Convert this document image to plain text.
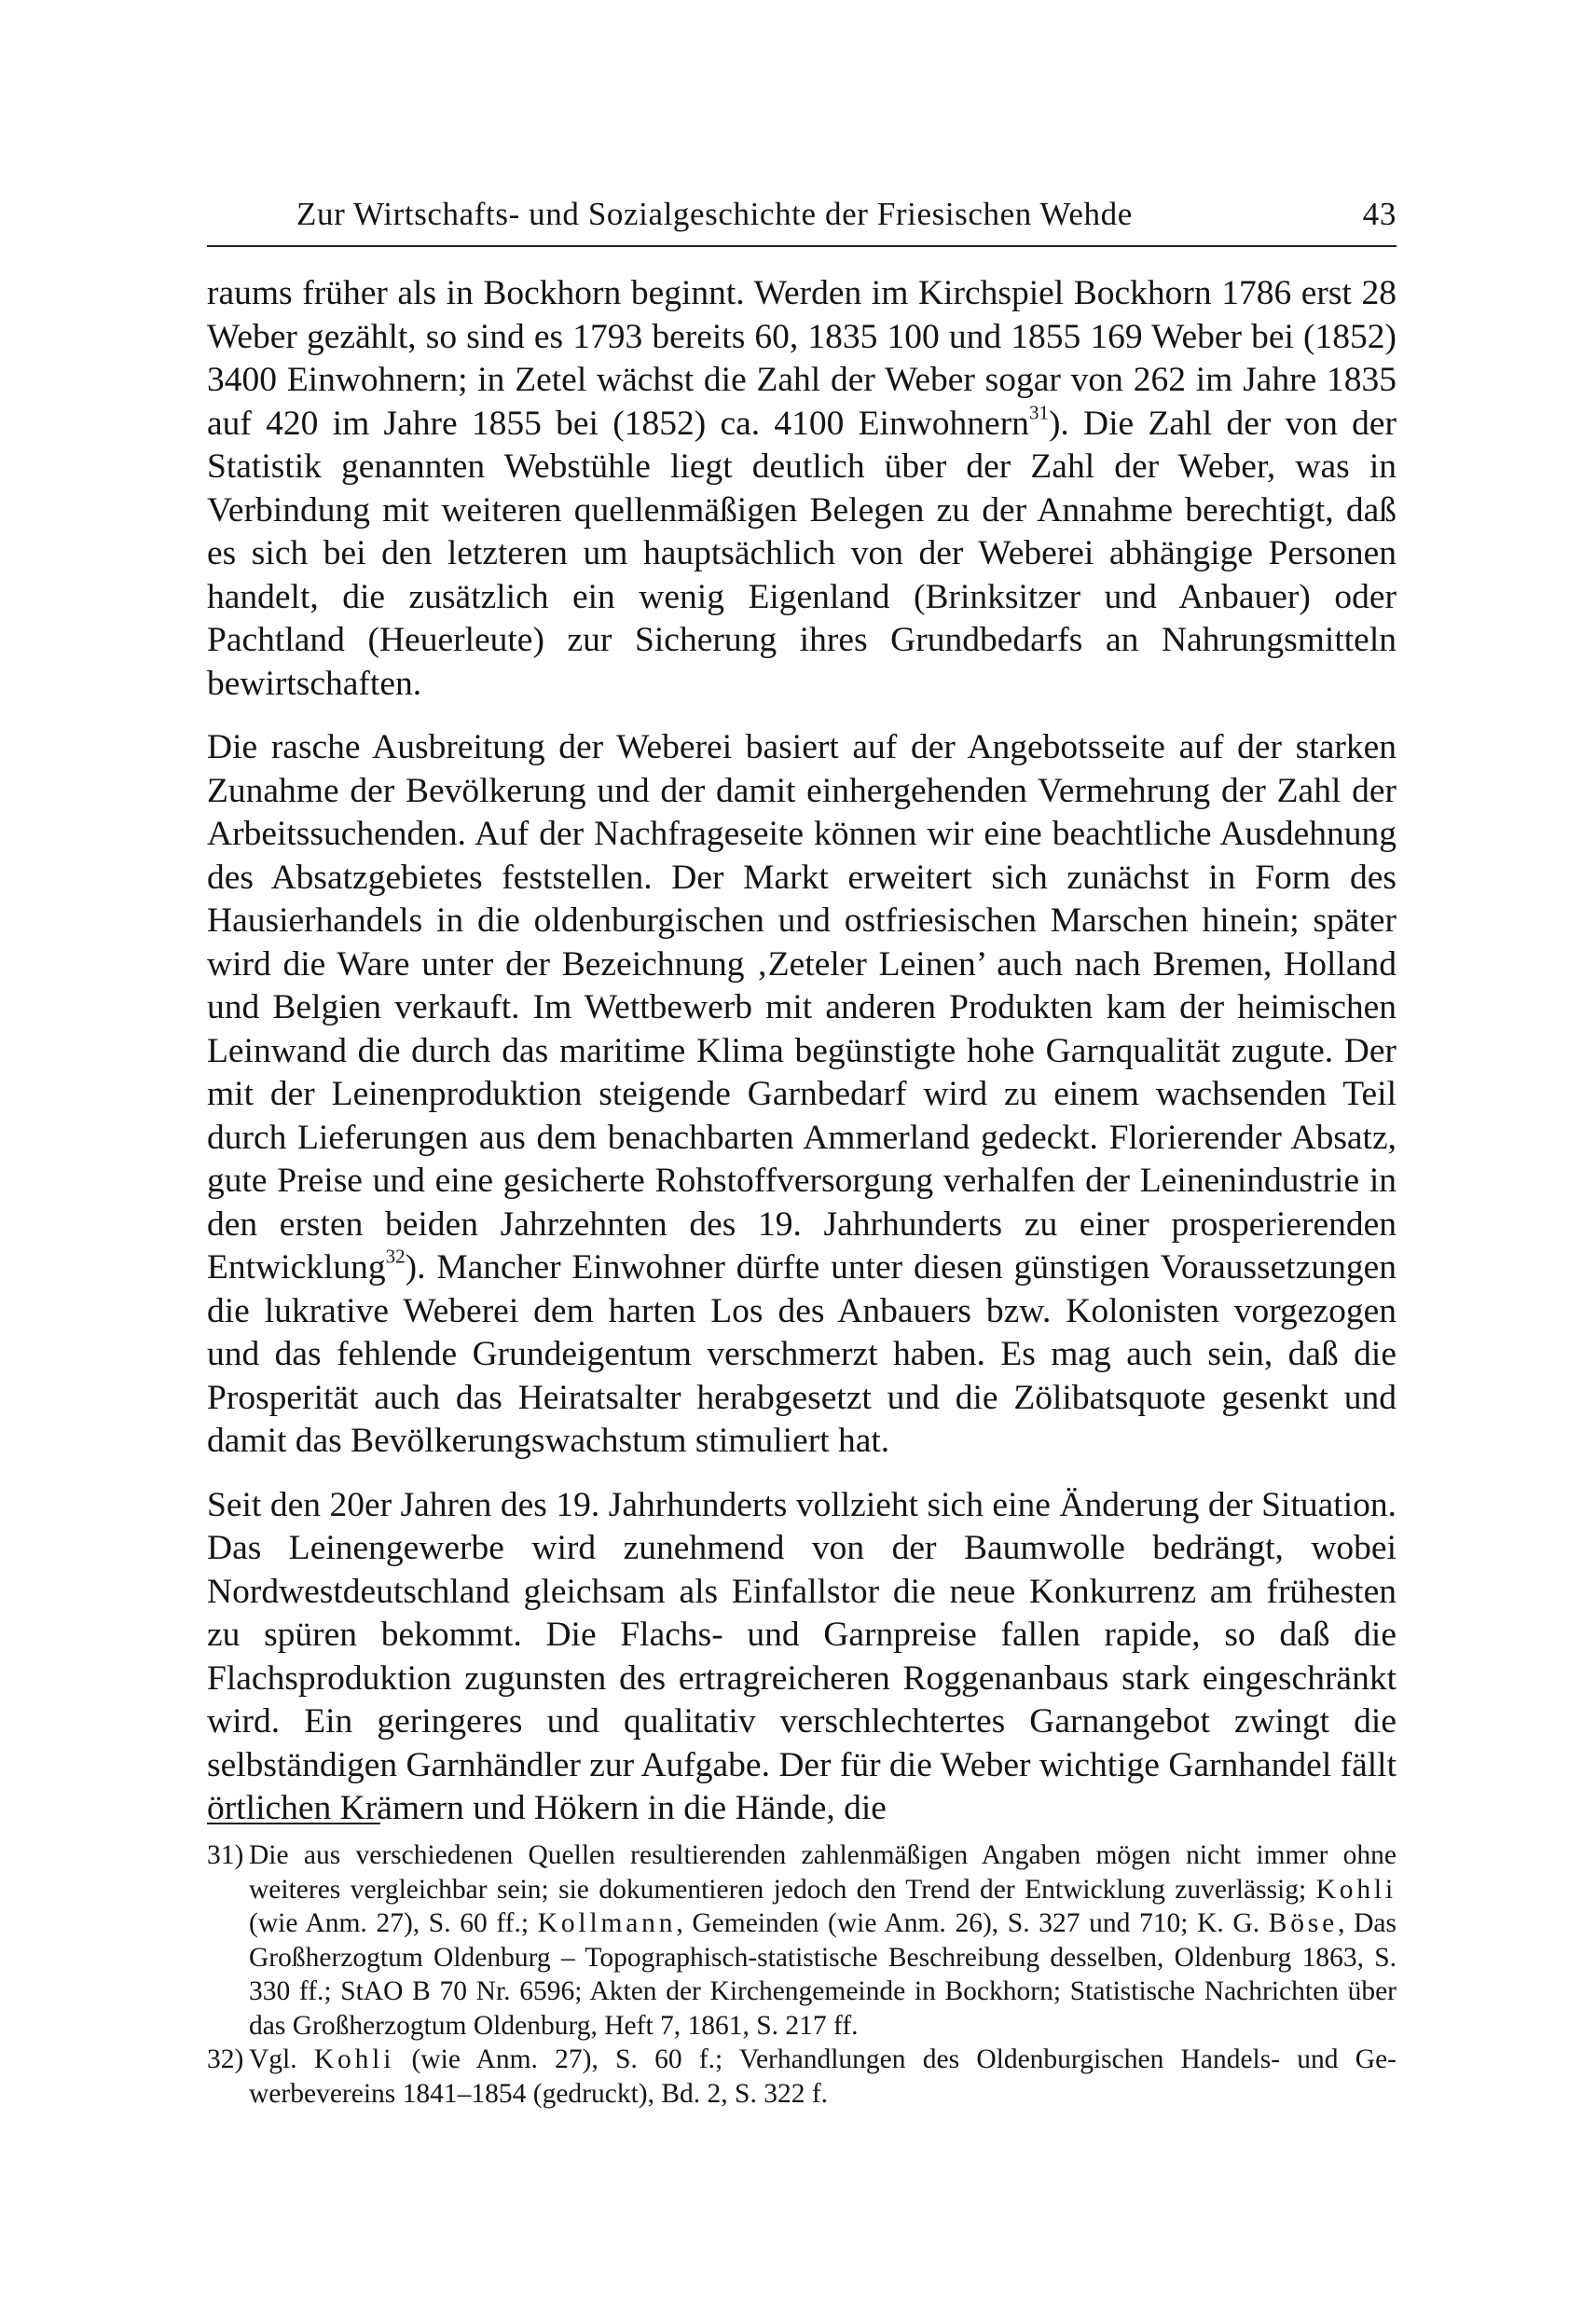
Zur Wirtschafts- und Sozialgeschichte der Friesischen Wehde	43

raums früher als in Bockhorn beginnt. Werden im Kirchspiel Bockhorn 1786 erst 28 Weber gezählt, so sind es 1793 bereits 60, 1835 100 und 1855 169 Weber bei (1852) 3400 Einwohnern; in Zetel wächst die Zahl der Weber sogar von 262 im Jahre 1835 auf 420 im Jahre 1855 bei (1852) ca. 4100 Einwohnern$^{31}$). Die Zahl der von der Statistik genannten Webstühle liegt deutlich über der Zahl der Weber, was in Verbindung mit weiteren quellenmäßigen Belegen zu der Annahme berechtigt, daß es sich bei den letzteren um hauptsächlich von der Weberei abhängige Personen handelt, die zusätzlich ein wenig Eigenland (Brinksitzer und Anbauer) oder Pachtland (Heuerleute) zur Sicherung ihres Grundbedarfs an Nahrungsmitteln bewirtschaften.

Die rasche Ausbreitung der Weberei basiert auf der Angebotsseite auf der starken Zunahme der Bevölkerung und der damit einhergehenden Vermehrung der Zahl der Arbeitssuchenden. Auf der Nachfrageseite können wir eine beachtliche Ausdehnung des Absatzgebietes feststellen. Der Markt erweitert sich zunächst in Form des Hausierhandels in die oldenburgischen und ostfriesischen Marschen hinein; später wird die Ware unter der Bezeichnung ‚Zeteler Leinen’ auch nach Bremen, Holland und Belgien verkauft. Im Wettbewerb mit anderen Produkten kam der heimischen Leinwand die durch das maritime Klima begünstigte hohe Garnqualität zugute. Der mit der Leinenproduktion steigende Garnbedarf wird zu einem wachsenden Teil durch Lieferungen aus dem benachbarten Ammerland gedeckt. Florierender Absatz, gute Preise und eine gesicherte Rohstoffversorgung verhalfen der Leinenindustrie in den ersten beiden Jahrzehnten des 19. Jahrhunderts zu einer prosperierenden Entwicklung$^{32}$). Mancher Einwohner dürfte unter diesen günstigen Voraussetzungen die lukrative Weberei dem harten Los des Anbauers bzw. Kolonisten vorgezogen und das fehlende Grundeigentum verschmerzt haben. Es mag auch sein, daß die Prosperität auch das Heiratsalter herabgesetzt und die Zölibatsquote gesenkt und damit das Bevölkerungswachstum stimuliert hat.

Seit den 20er Jahren des 19. Jahrhunderts vollzieht sich eine Änderung der Situation. Das Leinengewerbe wird zunehmend von der Baumwolle bedrängt, wobei Nordwestdeutschland gleichsam als Einfallstor die neue Konkurrenz am frühesten zu spüren bekommt. Die Flachs- und Garnpreise fallen rapide, so daß die Flachsproduktion zugunsten des ertragreicheren Roggenanbaus stark eingeschränkt wird. Ein geringeres und qualitativ verschlechtertes Garnangebot zwingt die selbständigen Garnhändler zur Aufgabe. Der für die Weber wichtige Garnhandel fällt örtlichen Krämern und Hökern in die Hände, die

31) Die aus verschiedenen Quellen resultierenden zahlenmäßigen Angaben mögen nicht immer ohne weiteres vergleichbar sein; sie dokumentieren jedoch den Trend der Entwicklung zuverlässig; Kohli (wie Anm. 27), S. 60 ff.; Kollmann, Gemeinden (wie Anm. 26), S. 327 und 710; K. G. Böse, Das Großherzogtum Oldenburg – Topographisch-statistische Beschreibung desselben, Oldenburg 1863, S. 330 ff.; StAO B 70 Nr. 6596; Akten der Kirchengemeinde in Bockhorn; Statistische Nachrichten über das Großherzogtum Oldenburg, Heft 7, 1861, S. 217 ff.
32) Vgl. Kohli (wie Anm. 27), S. 60 f.; Verhandlungen des Oldenburgischen Handels- und Gewerbevereins 1841–1854 (gedruckt), Bd. 2, S. 322 f.
